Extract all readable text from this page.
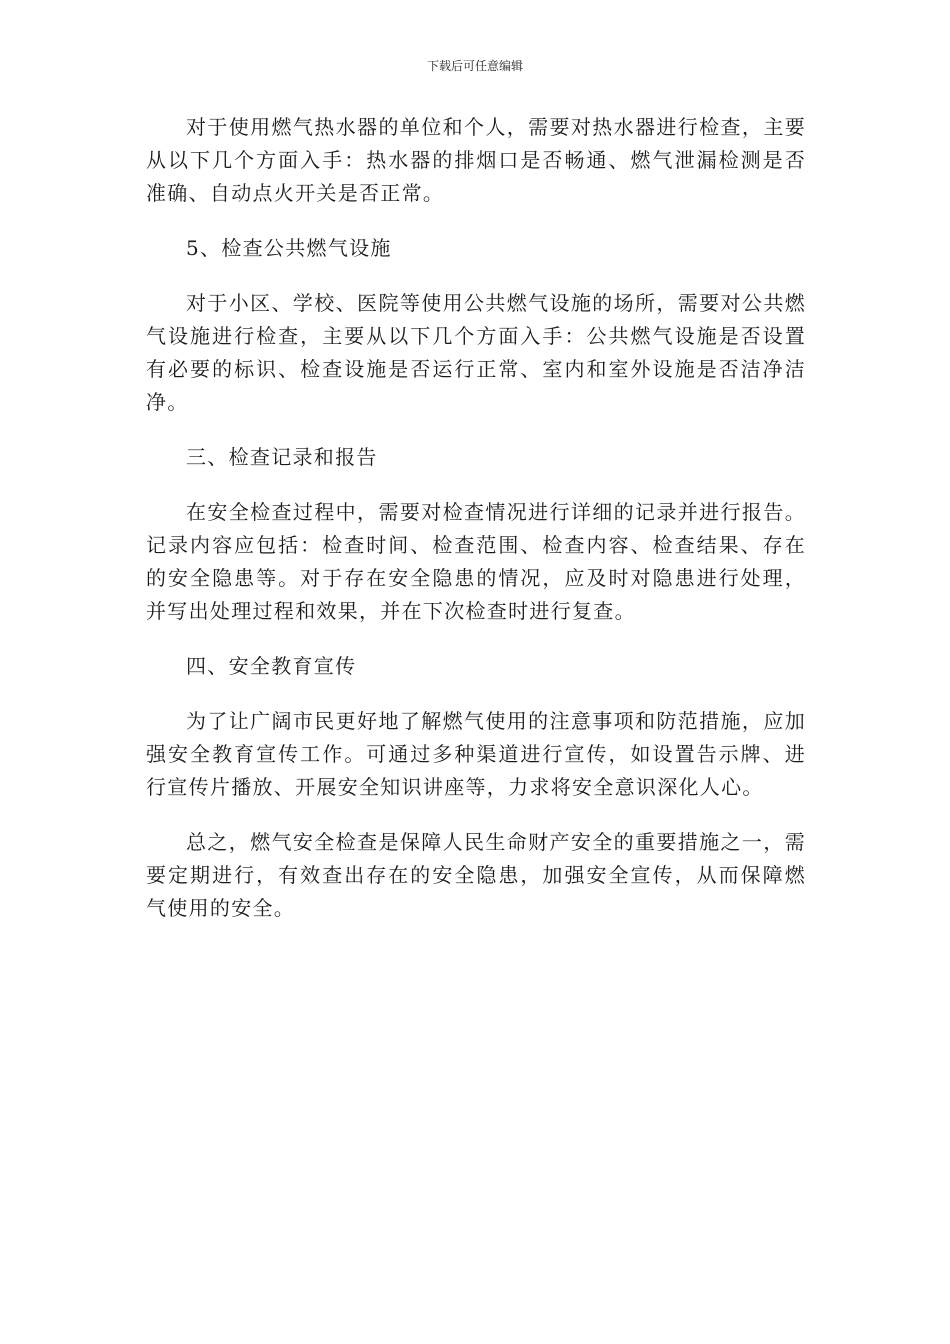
下载后可任意编辑

对于使用燃气热水器的单位和个人，需要对热水器进行检查，主要从以下几个方面入手：热水器的排烟口是否畅通、燃气泄漏检测是否准确、自动点火开关是否正常。

5、检查公共燃气设施

对于小区、学校、医院等使用公共燃气设施的场所，需要对公共燃气设施进行检查，主要从以下几个方面入手：公共燃气设施是否设置有必要的标识、检查设施是否运行正常、室内和室外设施是否洁净洁净。

三、检查记录和报告

在安全检查过程中，需要对检查情况进行详细的记录并进行报告。记录内容应包括：检查时间、检查范围、检查内容、检查结果、存在的安全隐患等。对于存在安全隐患的情况，应及时对隐患进行处理，并写出处理过程和效果，并在下次检查时进行复查。

四、安全教育宣传

为了让广阔市民更好地了解燃气使用的注意事项和防范措施，应加强安全教育宣传工作。可通过多种渠道进行宣传，如设置告示牌、进行宣传片播放、开展安全知识讲座等，力求将安全意识深化人心。

总之，燃气安全检查是保障人民生命财产安全的重要措施之一，需要定期进行，有效查出存在的安全隐患，加强安全宣传，从而保障燃气使用的安全。
